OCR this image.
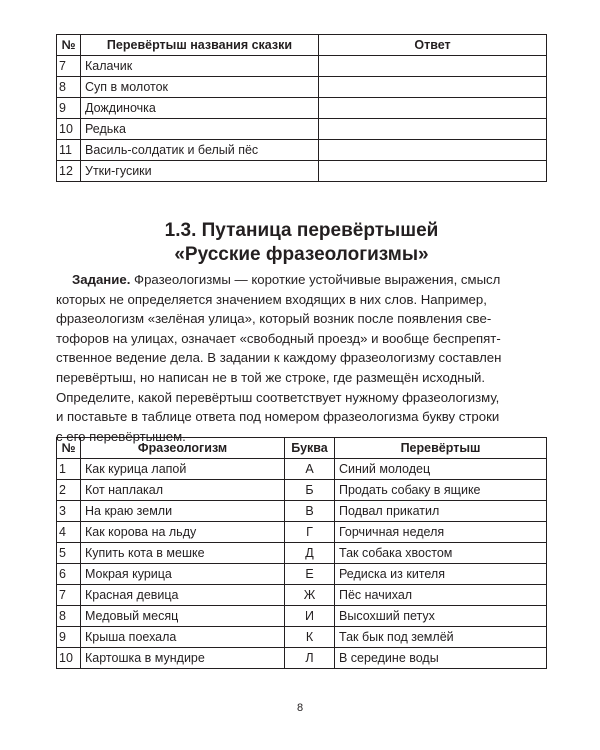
№	Перевёртыш названия сказки	Ответ
7	Калачик	
8	Суп в молоток	
9	Дождиночка	
10	Редька	
11	Василь-солдатик и белый пёс	
12	Утки-гусики	
1.3. Путаница перевёртышей
«Русские фразеологизмы»

Задание. Фразеологизмы — короткие устойчивые выражения, смысл
которых не определяется значением входящих в них слов. Например,
фразеологизм «зелёная улица», который возник после появления све-
тофоров на улицах, означает «свободный проезд» и вообще беспрепят-
ственное ведение дела. В задании к каждому фразеологизму составлен
перевёртыш, но написан не в той же строке, где размещён исходный.
Определите, какой перевёртыш соответствует нужному фразеологизму,
и поставьте в таблице ответа под номером фразеологизма букву строки
с его перевёртышем.

№	Фразеологизм	Буква	Перевёртыш
1	Как курица лапой	А	Синий молодец
2	Кот наплакал	Б	Продать собаку в ящике
3	На краю земли	В	Подвал прикатил
4	Как корова на льду	Г	Горчичная неделя
5	Купить кота в мешке	Д	Так собака хвостом
6	Мокрая курица	Е	Редиска из кителя
7	Красная девица	Ж	Пёс начихал
8	Медовый месяц	И	Высохший петух
9	Крыша поехала	К	Так бык под землёй
10	Картошка в мундире	Л	В середине воды
8
